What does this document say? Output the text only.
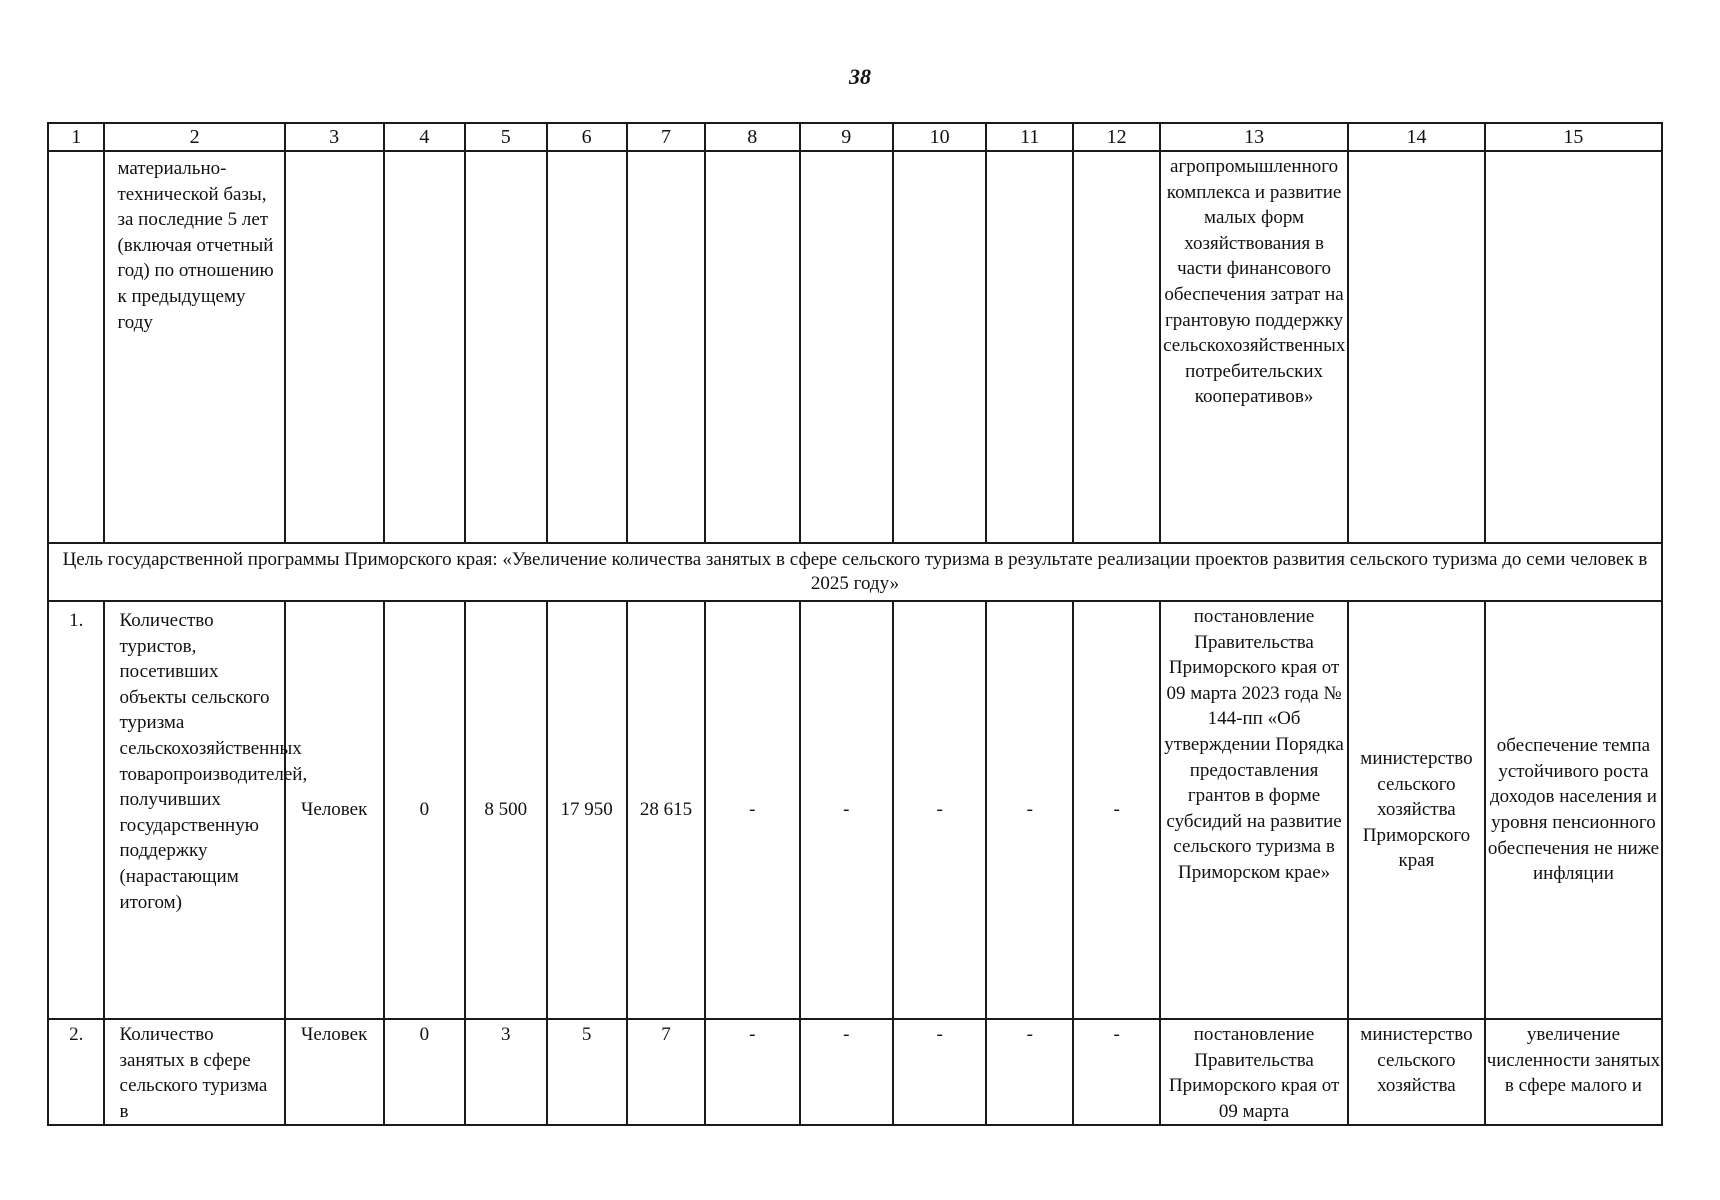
38
1	2	3	4	5	6	7	8	9	10	11	12	13	14	15
	материально-технической базы, за последние 5 лет (включая отчетный год) по отношению к предыдущему году											агропромышленного комплекса и развитие малых форм хозяйствования в части финансового обеспечения затрат на грантовую поддержку сельскохозяйственных потребительских кооперативов»		
Цель государственной программы Приморского края: «Увеличение количества занятых в сфере сельского туризма в результате реализации проектов развития сельского туризма до семи человек в 2025 году»														
1.	Количество туристов, посетивших объекты сельского туризма сельскохозяйственных товаропроизводителей, получивших государственную поддержку (нарастающим итогом)	Человек	0	8 500	17 950	28 615	-	-	-	-	-	постановление Правительства Приморского края от 09 марта 2023 года № 144-пп «Об утверждении Порядка предоставления грантов в форме субсидий на развитие сельского туризма в Приморском крае»	министерство сельского хозяйства Приморского края	обеспечение темпа устойчивого роста доходов населения и уровня пенсионного обеспечения не ниже инфляции
2.	Количество занятых в сфере сельского туризма в	Человек	0	3	5	7	-	-	-	-	-	постановление Правительства Приморского края от 09 марта	министерство сельского хозяйства	увеличение численности занятых в сфере малого и
